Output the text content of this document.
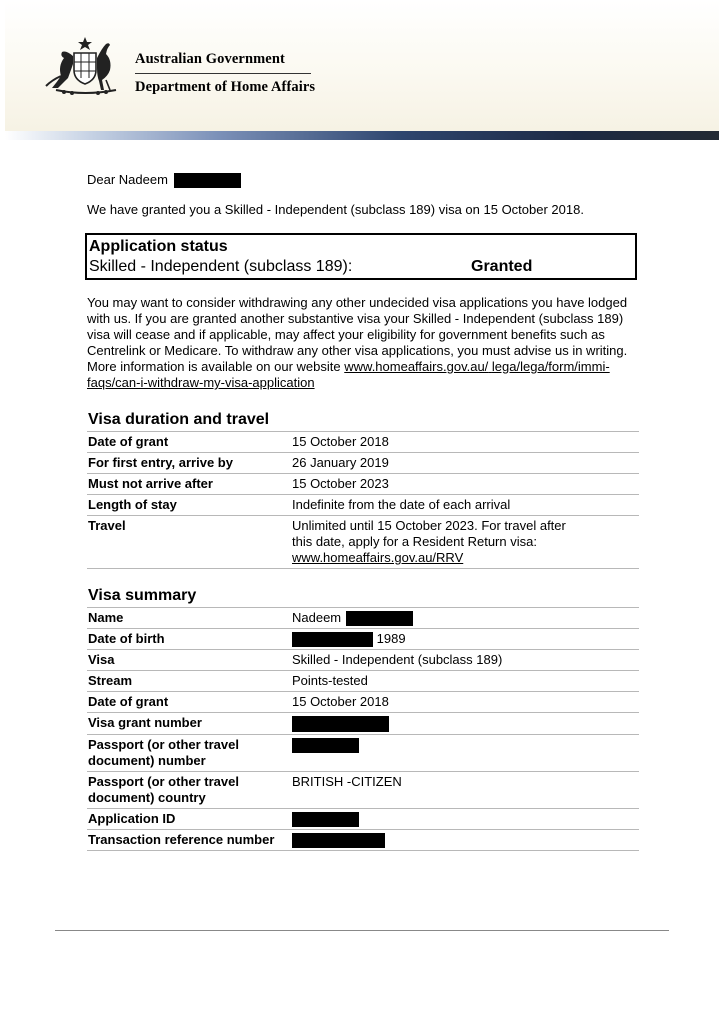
Australian Government
Department of Home Affairs

Dear Nadeem

We have granted you a Skilled - Independent (subclass 189) visa on 15 October 2018.

Application status
Skilled - Independent (subclass 189):	Granted
You may want to consider withdrawing any other undecided visa applications you have lodged with us. If you are granted another substantive visa your Skilled - Independent (subclass 189) visa will cease and if applicable, may affect your eligibility for government benefits such as Centrelink or Medicare. To withdraw any other visa applications, you must advise us in writing. More information is available on our website www.homeaffairs.gov.au/ lega/lega/form/immi-faqs/can-i-withdraw-my-visa-application
Visa duration and travel
Date of grant	15 October 2018
For first entry, arrive by	26 January 2019
Must not arrive after	15 October 2023
Length of stay	Indefinite from the date of each arrival
Travel	Unlimited until 15 October 2023. For travel after
this date, apply for a Resident Return visa:
www.homeaffairs.gov.au/RRV
Visa summary
Name	Nadeem
Date of birth	1989
Visa	Skilled - Independent (subclass 189)
Stream	Points-tested
Date of grant	15 October 2018
Visa grant number	

Passport (or other travel
document) number	

Passport (or other travel
document) country	BRITISH -CITIZEN
Application ID	
Transaction reference number	
